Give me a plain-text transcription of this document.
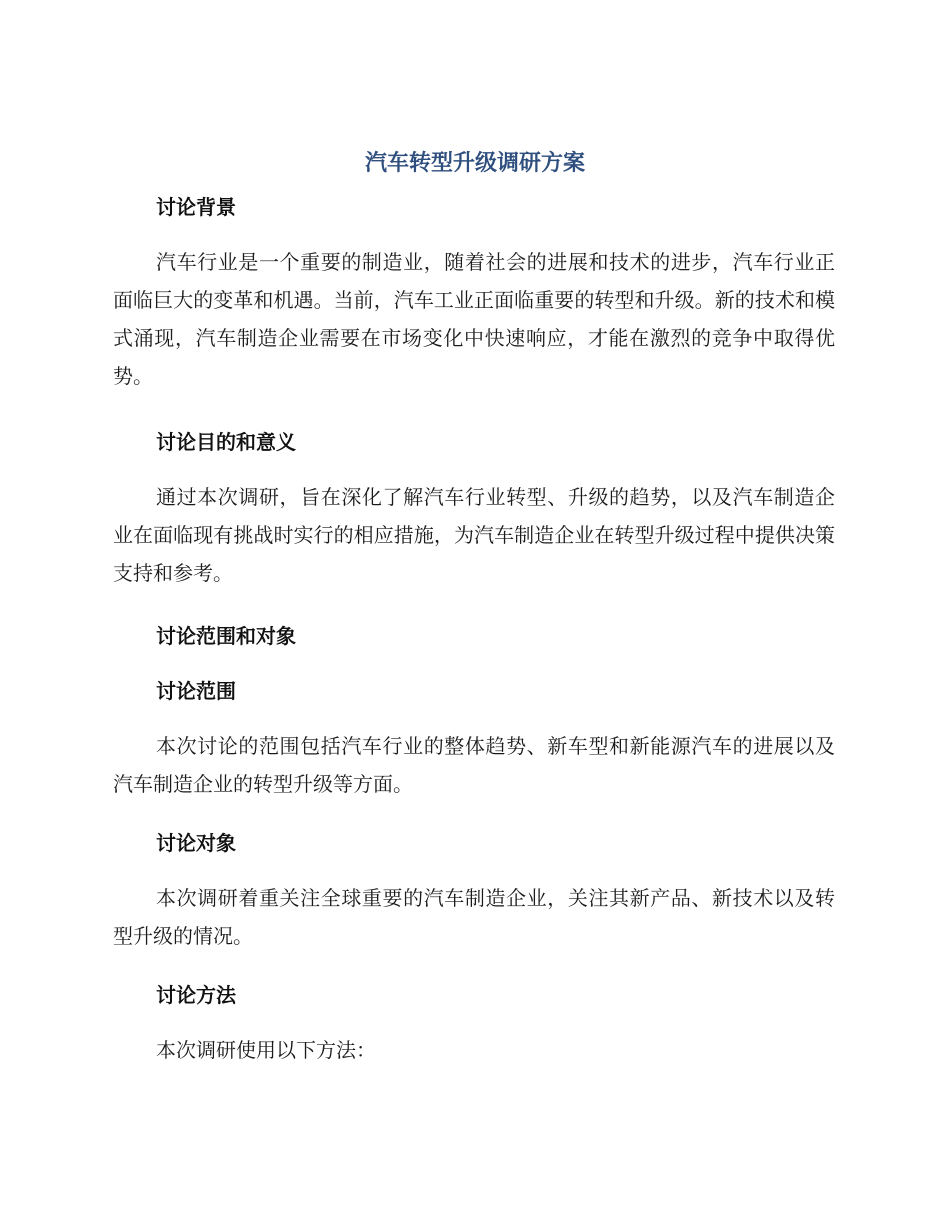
汽车转型升级调研方案
讨论背景

汽车行业是一个重要的制造业，随着社会的进展和技术的进步，汽车行业正面临巨大的变革和机遇。当前，汽车工业正面临重要的转型和升级。新的技术和模式涌现，汽车制造企业需要在市场变化中快速响应，才能在激烈的竞争中取得优势。

讨论目的和意义

通过本次调研，旨在深化了解汽车行业转型、升级的趋势，以及汽车制造企业在面临现有挑战时实行的相应措施，为汽车制造企业在转型升级过程中提供决策支持和参考。

讨论范围和对象
讨论范围

本次讨论的范围包括汽车行业的整体趋势、新车型和新能源汽车的进展以及汽车制造企业的转型升级等方面。

讨论对象

本次调研着重关注全球重要的汽车制造企业，关注其新产品、新技术以及转型升级的情况。

讨论方法

本次调研使用以下方法：
